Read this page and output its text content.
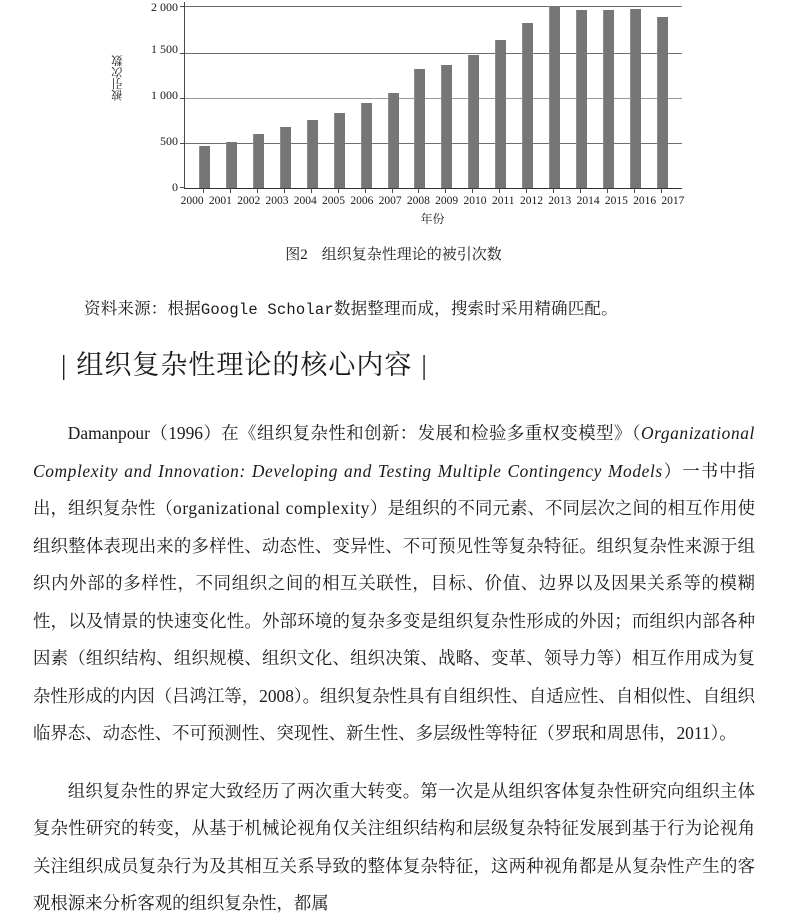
被引次数
2 000
1 500
1 000
500
0
2000 2001 2002 2003 2004 2005 2006 2007 2008 2009 2010 2011 2012 2013 2014 2015 2016 2017
年份
图2 组织复杂性理论的被引次数
资料来源：根据Google Scholar数据整理而成，搜索时采用精确匹配。
| 组织复杂性理论的核心内容 |

Damanpour（1996）在《组织复杂性和创新：发展和检验多重权变模型》（Organizational Complexity and Innovation: Developing and Testing Multiple Contingency Models）一书中指出，组织复杂性（organizational complexity）是组织的不同元素、不同层次之间的相互作用使组织整体表现出来的多样性、动态性、变异性、不可预见性等复杂特征。组织复杂性来源于组织内外部的多样性，不同组织之间的相互关联性，目标、价值、边界以及因果关系等的模糊性，以及情景的快速变化性。外部环境的复杂多变是组织复杂性形成的外因；而组织内部各种因素（组织结构、组织规模、组织文化、组织决策、战略、变革、领导力等）相互作用成为复杂性形成的内因（吕鸿江等，2008）。组织复杂性具有自组织性、自适应性、自相似性、自组织临界态、动态性、不可预测性、突现性、新生性、多层级性等特征（罗珉和周思伟，2011）。

组织复杂性的界定大致经历了两次重大转变。第一次是从组织客体复杂性研究向组织主体复杂性研究的转变，从基于机械论视角仅关注组织结构和层级复杂特征发展到基于行为论视角关注组织成员复杂行为及其相互关系导致的整体复杂特征，这两种视角都是从复杂性产生的客观根源来分析客观的组织复杂性，都属
